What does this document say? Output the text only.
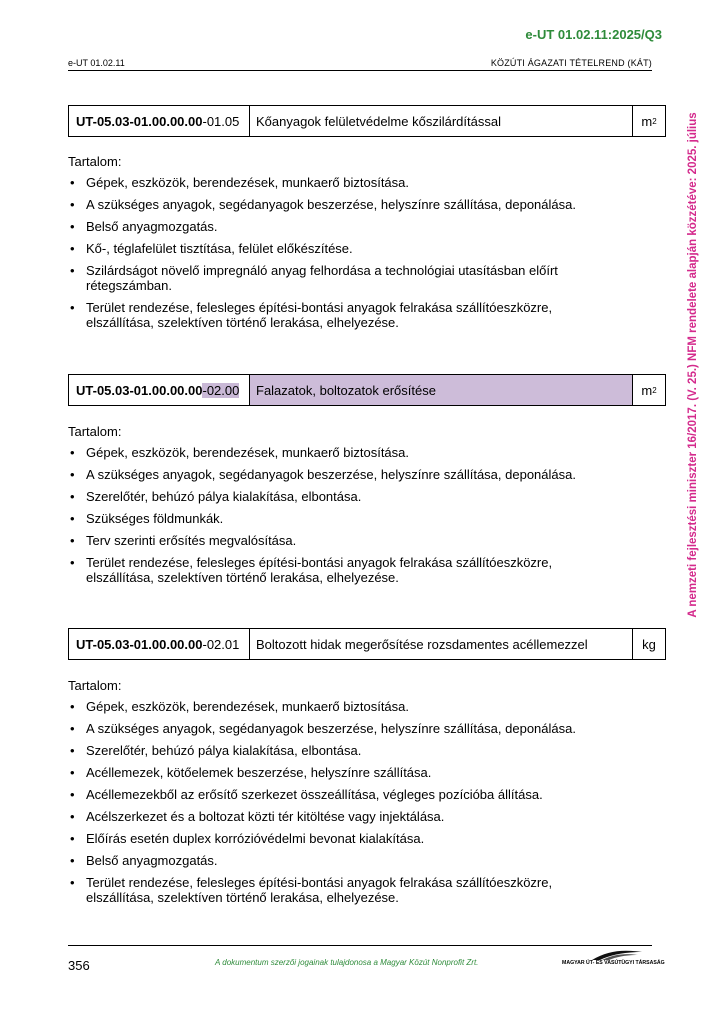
e-UT 01.02.11:2025/Q3
e-UT 01.02.11	KÖZÚTI ÁGAZATI TÉTELREND (KÁT)
A nemzeti fejlesztési miniszter 16/2017. (V. 25.) NFM rendelete alapján közzétéve: 2025. július
UT-05.03-01.00.00.00 -01.05	Kőanyagok felületvédelme kőszilárdítással	m 2
Tartalom:
• Gépek, eszközök, berendezések, munkaerő biztosítása.
• A szükséges anyagok, segédanyagok beszerzése, helyszínre szállítása, deponálása.
• Belső anyagmozgatás.
• Kő-, téglafelület tisztítása, felület előkészítése.
• Szilárdságot növelő impregnáló anyag felhordása a technológiai utasításban előírt rétegszámban.
• Terület rendezése, felesleges építési-bontási anyagok felrakása szállítóeszközre, elszállítása, szelektíven történő lerakása, elhelyezése.
UT-05.03-01.00.00.00 -02.00	Falazatok, boltozatok erősítése	m 2
Tartalom:
• Gépek, eszközök, berendezések, munkaerő biztosítása.
• A szükséges anyagok, segédanyagok beszerzése, helyszínre szállítása, deponálása.
• Szerelőtér, behúzó pálya kialakítása, elbontása.
• Szükséges földmunkák.
• Terv szerinti erősítés megvalósítása.
• Terület rendezése, felesleges építési-bontási anyagok felrakása szállítóeszközre, elszállítása, szelektíven történő lerakása, elhelyezése.
UT-05.03-01.00.00.00 -02.01	Boltozott hidak megerősítése rozsdamentes acéllemezzel	kg
Tartalom:
• Gépek, eszközök, berendezések, munkaerő biztosítása.
• A szükséges anyagok, segédanyagok beszerzése, helyszínre szállítása, deponálása.
• Szerelőtér, behúzó pálya kialakítása, elbontása.
• Acéllemezek, kötőelemek beszerzése, helyszínre szállítása.
• Acéllemezekből az erősítő szerkezet összeállítása, végleges pozícióba állítása.
• Acélszerkezet és a boltozat közti tér kitöltése vagy injektálása.
• Előírás esetén duplex korrózióvédelmi bevonat kialakítása.
• Belső anyagmozgatás.
• Terület rendezése, felesleges építési-bontási anyagok felrakása szállítóeszközre, elszállítása, szelektíven történő lerakása, elhelyezése.
356	A dokumentum szerzői jogainak tulajdonosa a Magyar Közút Nonprofit Zrt.	MAGYAR ÚT- ÉS VASÚTÜGYI TÁRSASÁG
